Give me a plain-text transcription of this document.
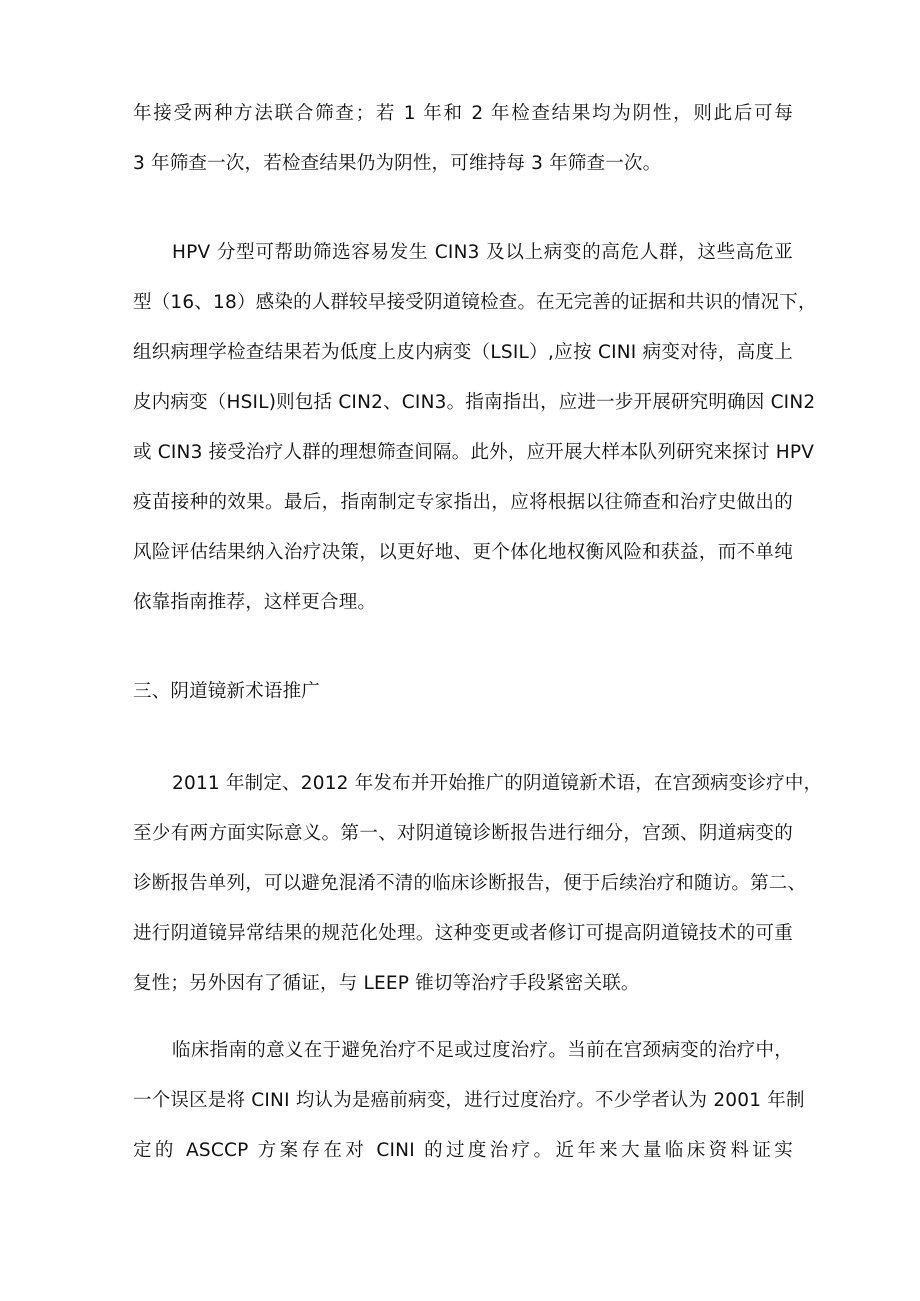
年接受两种方法联合筛查；若 1 年和 2 年检查结果均为阴性，则此后可每
3 年筛查一次，若检查结果仍为阴性，可维持每 3 年筛查一次。
HPV 分型可帮助筛选容易发生 CIN3 及以上病变的高危人群，这些高危亚
型（16、18）感染的人群较早接受阴道镜检查。在无完善的证据和共识的情况下，
组织病理学检查结果若为低度上皮内病变（LSIL）,应按 CINI 病变对待，高度上
皮内病变（HSIL)则包括 CIN2、CIN3。指南指出，应进一步开展研究明确因 CIN2
或 CIN3 接受治疗人群的理想筛查间隔。此外，应开展大样本队列研究来探讨 HPV
疫苗接种的效果。最后，指南制定专家指出，应将根据以往筛查和治疗史做出的
风险评估结果纳入治疗决策，以更好地、更个体化地权衡风险和获益，而不单纯
依靠指南推荐，这样更合理。
三、阴道镜新术语推广
2011 年制定、2012 年发布并开始推广的阴道镜新术语，在宫颈病变诊疗中，
至少有两方面实际意义。第一、对阴道镜诊断报告进行细分，宫颈、阴道病变的
诊断报告单列，可以避免混淆不清的临床诊断报告，便于后续治疗和随访。第二、
进行阴道镜异常结果的规范化处理。这种变更或者修订可提高阴道镜技术的可重
复性；另外因有了循证，与 LEEP 锥切等治疗手段紧密关联。
临床指南的意义在于避免治疗不足或过度治疗。当前在宫颈病变的治疗中，
一个误区是将 CINI 均认为是癌前病变，进行过度治疗。不少学者认为 2001 年制
定的 ASCCP 方案存在对 CINI 的过度治疗。近年来大量临床资料证实
